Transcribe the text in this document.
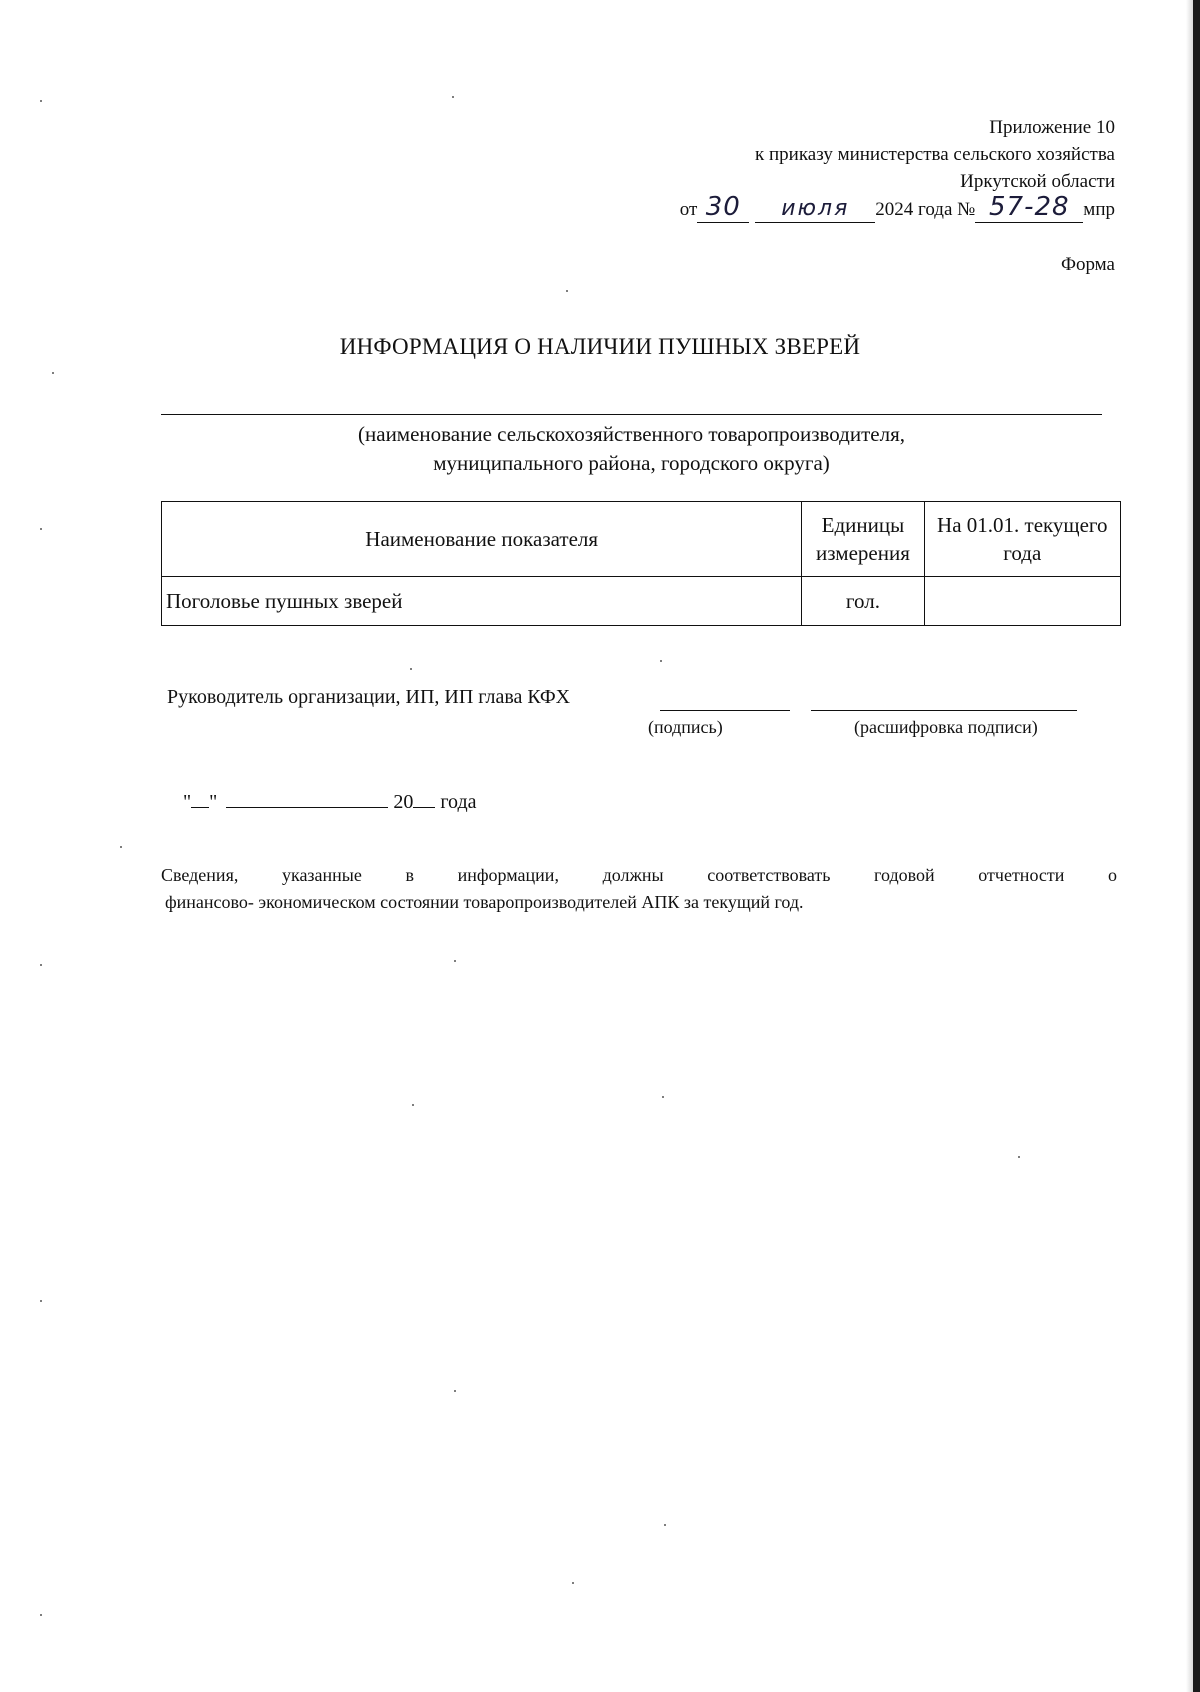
Приложение 10
к приказу министерства сельского хозяйства
Иркутской области
от 30 июля 2024 года № 57-28 мпр
Форма
ИНФОРМАЦИЯ О НАЛИЧИИ ПУШНЫХ ЗВЕРЕЙ
(наименование сельскохозяйственного товаропроизводителя,
муниципального района, городского округа)
Наименование показателя	Единицы измерения	На 01.01. текущего года
Поголовье пушных зверей	гол.	
Руководитель организации, ИП, ИП глава КФХ
(подпись)	(расшифровка подписи)
" "	20 года
Сведения, указанные в информации, должны соответствовать годовой отчетности о
финансово- экономическом состоянии товаропроизводителей АПК за текущий год.
